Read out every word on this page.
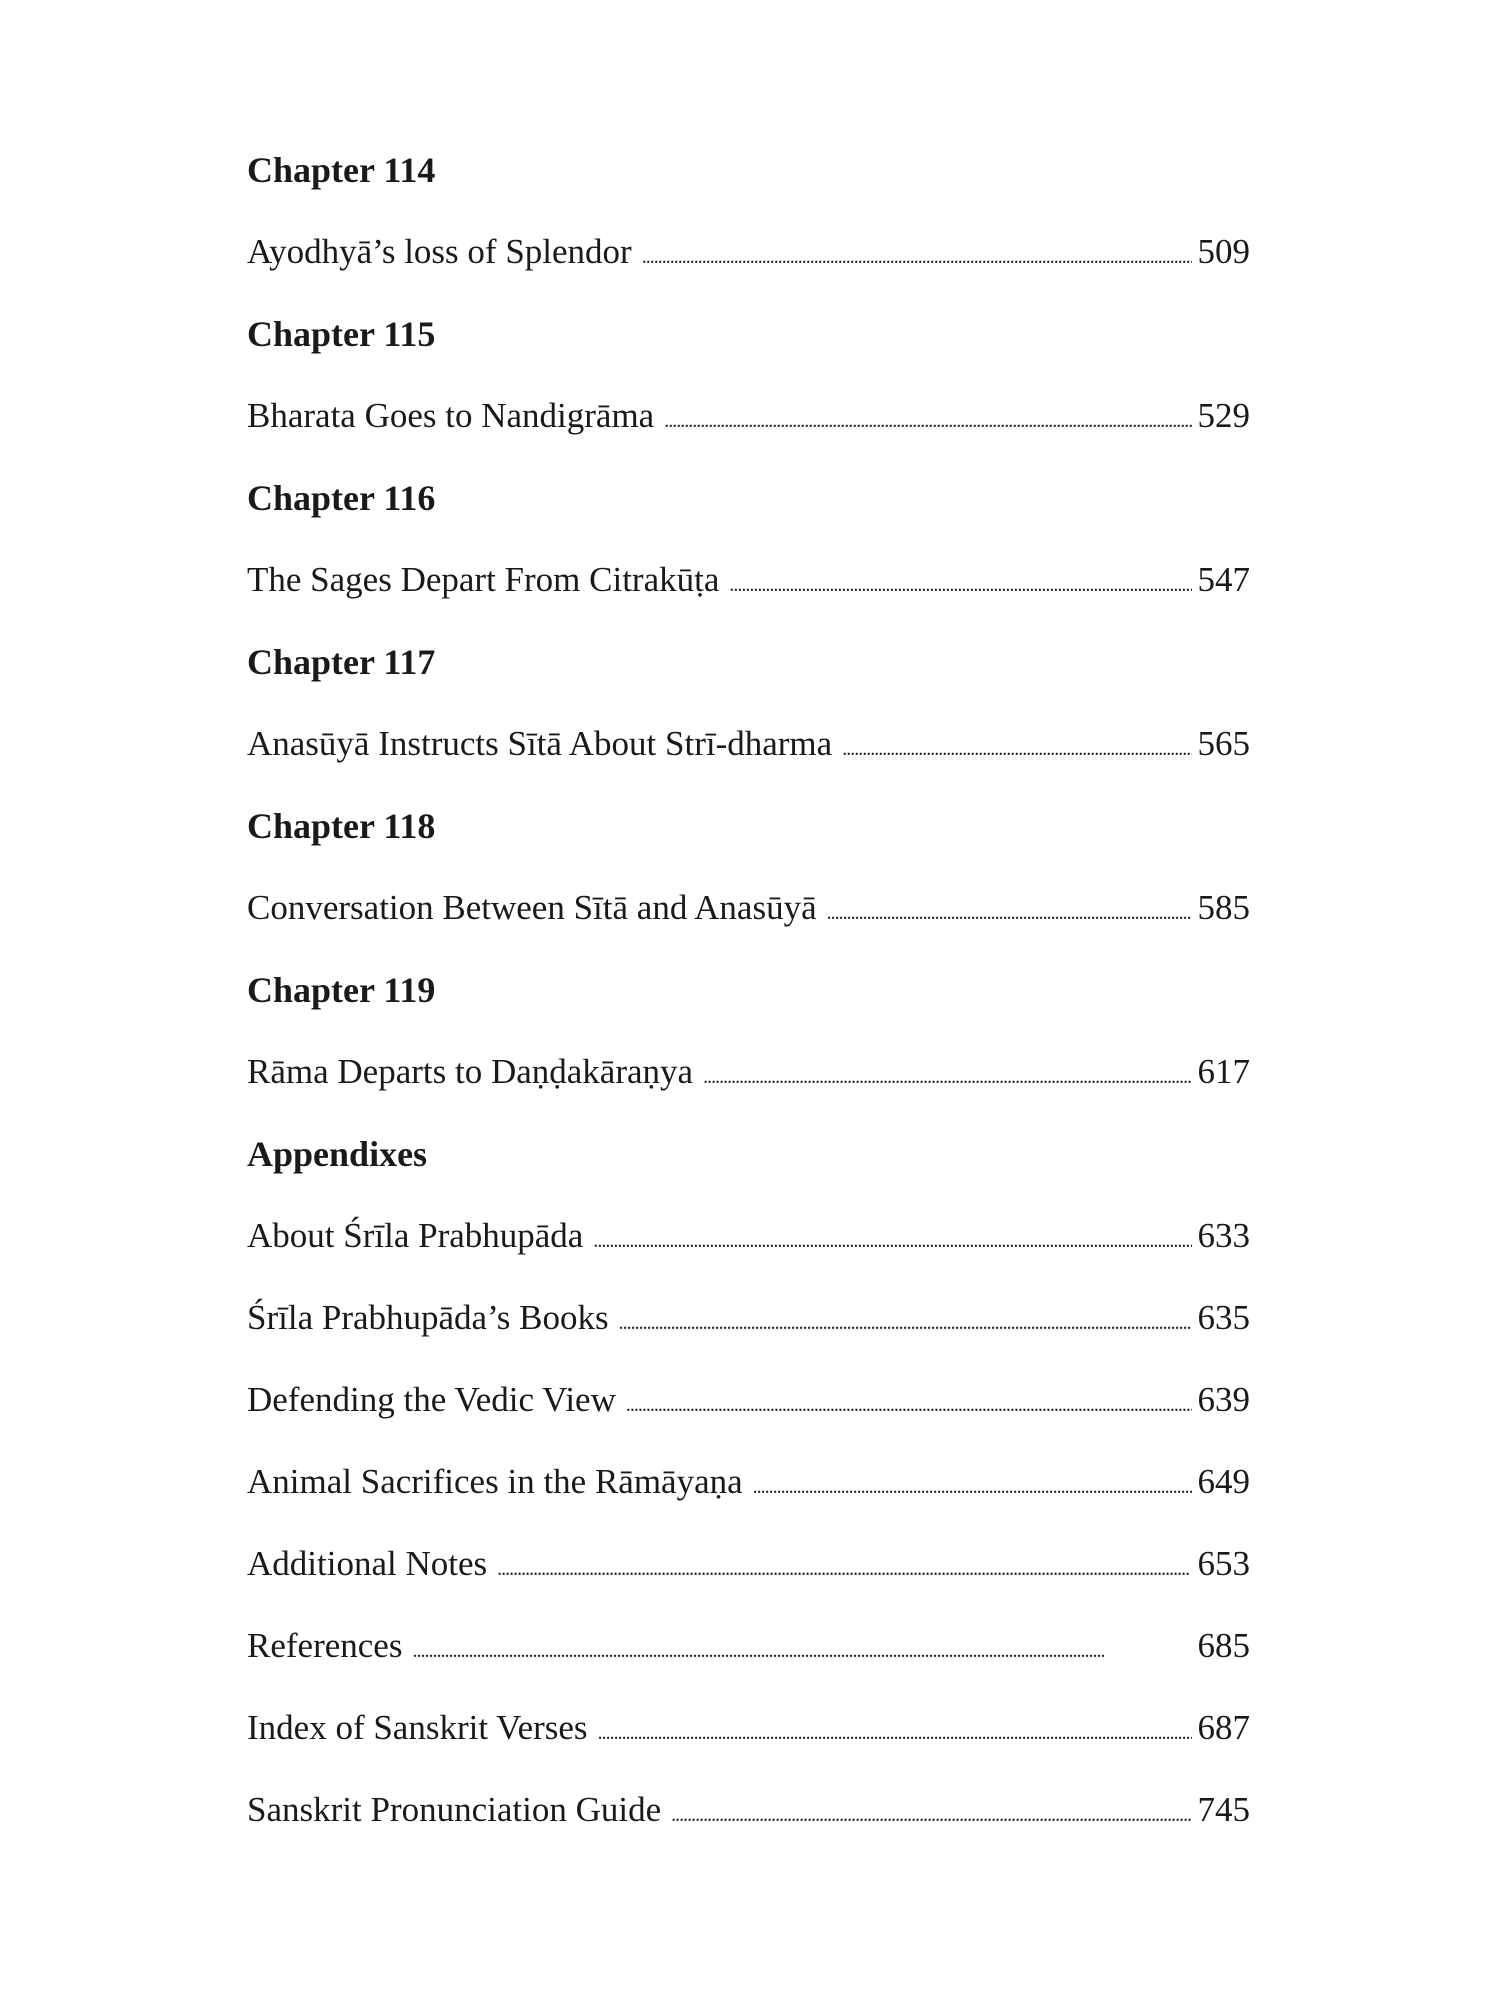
Chapter 114
Ayodhyā’s loss of Splendor . . .	509
Chapter 115
Bharata Goes to Nandigrāma . . .	529
Chapter 116
The Sages Depart From Citrakūṭa . . .	547
Chapter 117
Anasūyā Instructs Sītā About Strī-dharma . . .	565
Chapter 118
Conversation Between Sītā and Anasūyā . . .	585
Chapter 119
Rāma Departs to Daṇḍakāraṇya . . .	617
Appendixes
About Śrīla Prabhupāda . . .	633
Śrīla Prabhupāda’s Books . . .	635
Defending the Vedic View . . .	639
Animal Sacrifices in the Rāmāyaṇa . . .	649
Additional Notes . . .	653
References . . .	685
Index of Sanskrit Verses . . .	687
Sanskrit Pronunciation Guide . . .	745
